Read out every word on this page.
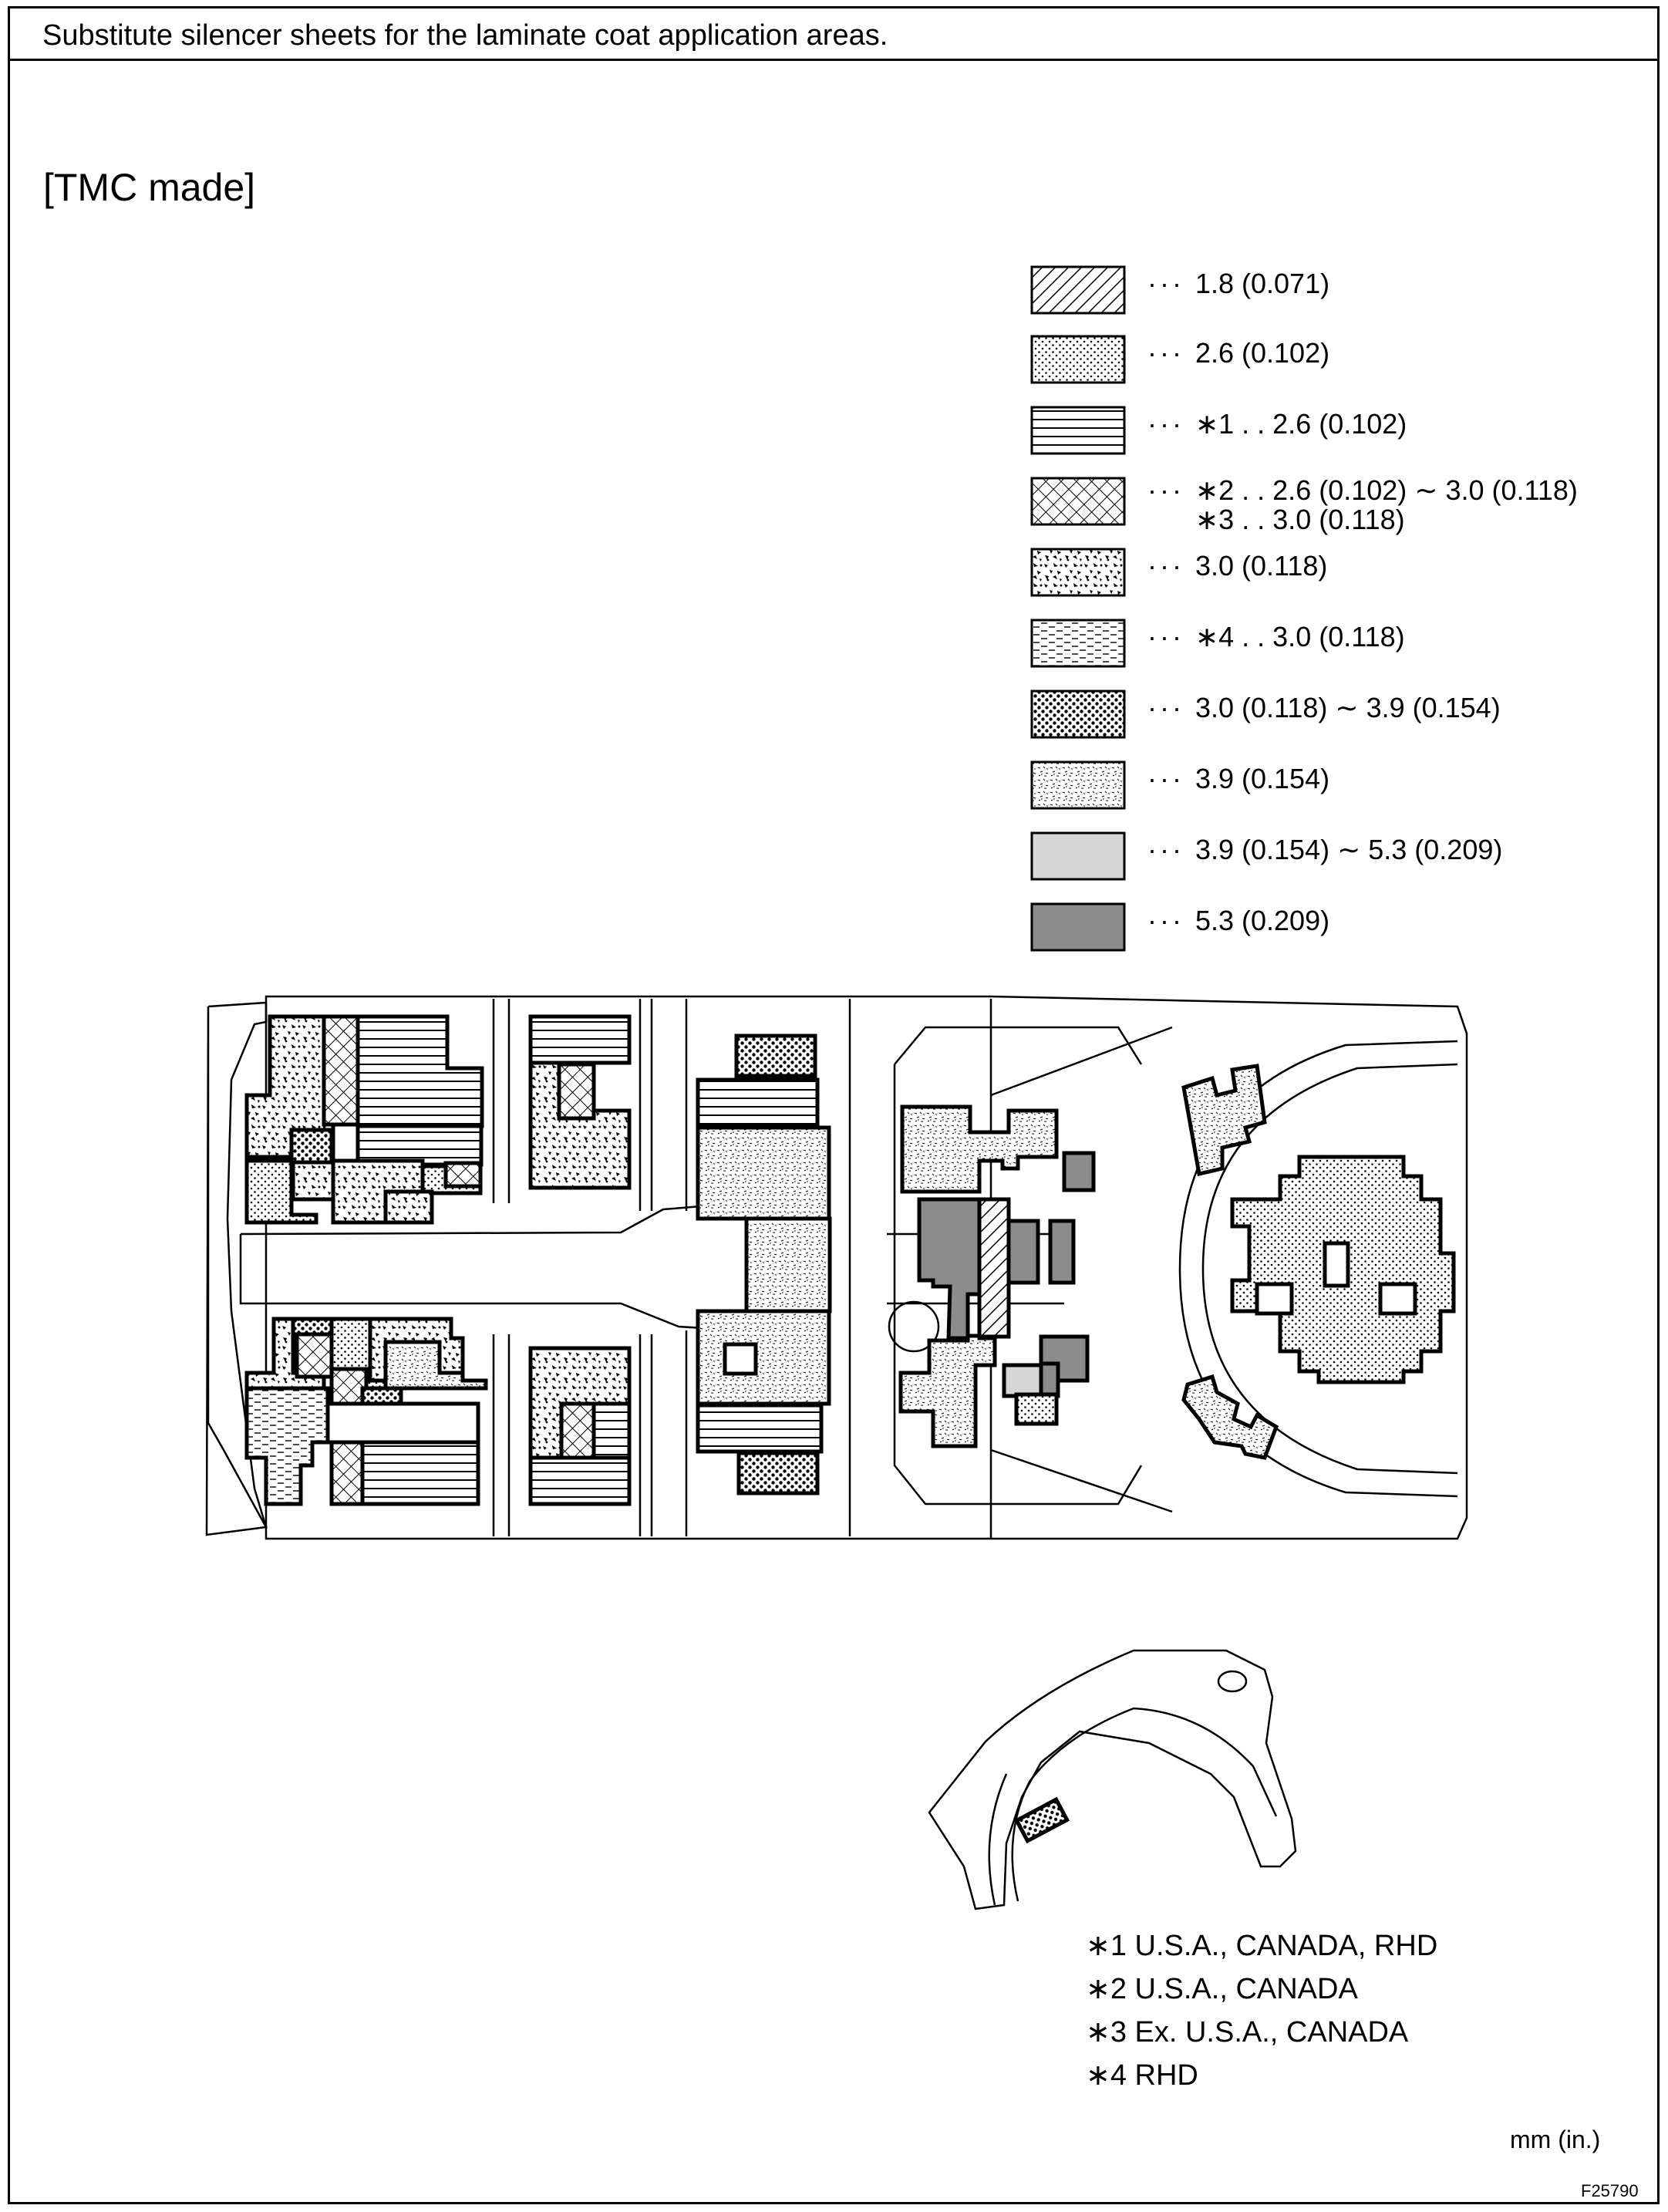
Substitute silencer sheets for the laminate coat application areas.
[TMC made]
··· 1.8 (0.071)
··· 2.6 (0.102)
··· ∗1 . . 2.6 (0.102)
··· ∗2 . . 2.6 (0.102) ∼ 3.0 (0.118)
∗3 . . 3.0 (0.118)
··· 3.0 (0.118)
··· ∗4 . . 3.0 (0.118)
··· 3.0 (0.118) ∼ 3.9 (0.154)
··· 3.9 (0.154)
··· 3.9 (0.154) ∼ 5.3 (0.209)
··· 5.3 (0.209)
∗1 U.S.A., CANADA, RHD
∗2 U.S.A., CANADA
∗3 Ex. U.S.A., CANADA
∗4 RHD
mm (in.)
F25790
